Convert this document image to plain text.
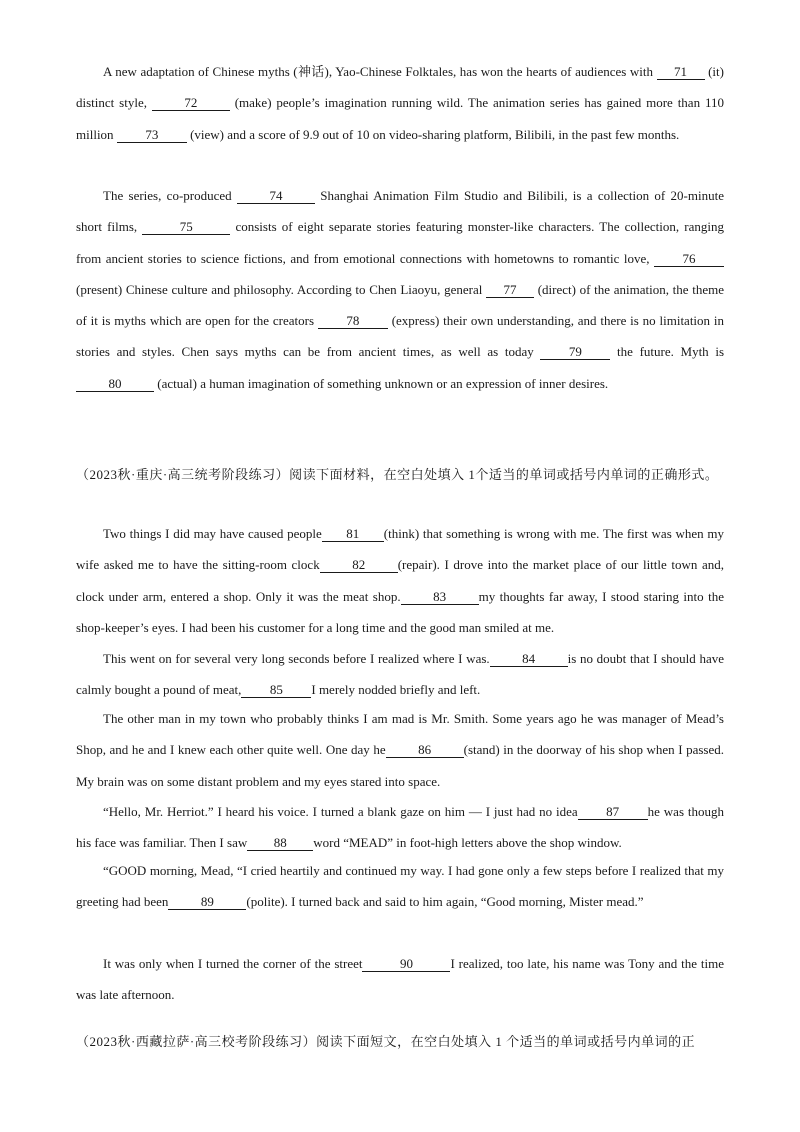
A new adaptation of Chinese myths (神话), Yao-Chinese Folktales, has won the hearts of audiences with 71 (it) distinct style,	72	(make) people’s imagination running wild. The animation series has gained more than 110 million 73 (view) and a score of 9.9 out of 10 on video-sharing platform, Bilibili, in the past few months.

The series, co-produced	74	Shanghai Animation Film Studio and Bilibili, is a collection of 20-minute short films,	75	consists of eight separate stories featuring monster-like characters. The collection, ranging from ancient stories to science fictions, and from emotional connections with hometowns to romantic love, 76 (present) Chinese culture and philosophy. According to Chen Liaoyu, general 77 (direct) of the animation, the theme of it is myths which are open for the creators 78 (express) their own understanding, and there is no limitation in stories and styles. Chen says myths can be from ancient times, as well as today 79 the future. Myth is 80	(actual) a human imagination of something unknown or an expression of inner desires.

（2023秋·重庆·高三统考阶段练习）阅读下面材料，在空白处填入 1个适当的单词或括号内单词的正确形式。

Two things I did may have caused people 81 (think) that something is wrong with me. The first was when my wife asked me to have the sitting-room clock	82	(repair). I drove into the market place of our little town and, clock under arm, entered a shop. Only it was the meat shop.	83	my thoughts far away, I stood staring into the shop-keeper’s eyes. I had been his customer for a long time and the good man smiled at me.

This went on for several very long seconds before I realized where I was.	84	is no doubt that I should have calmly bought a pound of meat, 85 I merely nodded briefly and left.

The other man in my town who probably thinks I am mad is Mr. Smith. Some years ago he was manager of Mead’s Shop, and he and I knew each other quite well. One day he	86	(stand) in the doorway of his shop when I passed. My brain was on some distant problem and my eyes stared into space.

“Hello, Mr. Herriot.” I heard his voice. I turned a blank gaze on him — I just had no idea 87 he was though his face was familiar. Then I saw 88 word “MEAD” in foot-high letters above the shop window.

“GOOD morning, Mead, “I cried heartily and continued my way. I had gone only a few steps before I realized that my greeting had been	89	(polite). I turned back and said to him again, “Good morning, Mister mead.”

It was only when I turned the corner of the street	90	I realized, too late, his name was Tony and the time was late afternoon.

（2023秋·西藏拉萨·高三校考阶段练习）阅读下面短文，在空白处填入 1 个适当的单词或括号内单词的正
